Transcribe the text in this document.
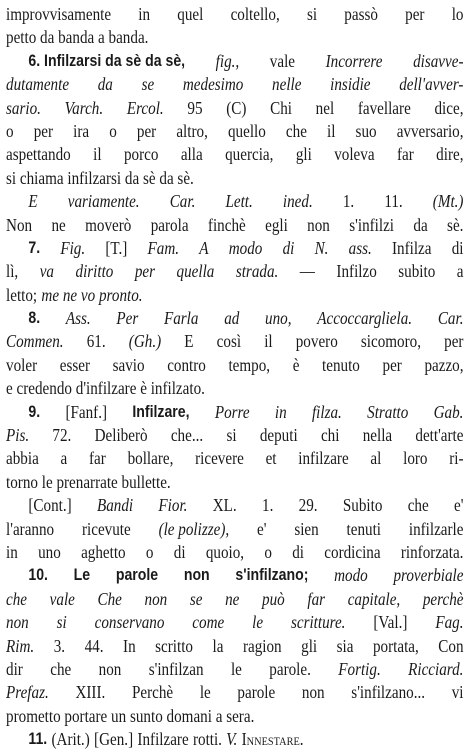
improvvisamente in quel coltello, si passò per lo
petto da banda a banda.
6. Infilzarsi da sè da sè, fig., vale Incorrere disavve-
dutamente da se medesimo nelle insidie dell'avver-
sario. Varch. Ercol. 95 (C) Chi nel favellare dice,
o per ira o per altro, quello che il suo avversario,
aspettando il porco alla quercia, gli voleva far dire,
si chiama infilzarsi da sè da sè.
E variamente. Car. Lett. ined. 1. 11. (Mt.)
Non ne moverò parola finchè egli non s'infilzi da sè.
7. Fig. [T.] Fam. A modo di N. ass. Infilza di
lì, va diritto per quella strada. — Infilzo subito a
letto; me ne vo pronto.
8. Ass. Per Farla ad uno, Accoccargliela. Car.
Commen. 61. (Gh.) E così il povero sicomoro, per
voler esser savio contro tempo, è tenuto per pazzo,
e credendo d'infilzare è infilzato.
9. [Fanf.] Infilzare, Porre in filza. Stratto Gab.
Pis. 72. Deliberò che... si deputi chi nella dett'arte
abbia a far bollare, ricevere et infilzare al loro ri-
torno le prenarrate bullette.
[Cont.] Bandi Fior. XL. 1. 29. Subito che e'
l'aranno ricevute (le polizze), e' sien tenuti infilzarle
in uno aghetto o di quoio, o di cordicina rinforzata.
10. Le parole non s'infilzano; modo proverbiale
che vale Che non se ne può far capitale, perchè
non si conservano come le scritture. [Val.] Fag.
Rim. 3. 44. In scritto la ragion gli sia portata, Con
dir che non s'infilzan le parole. Fortig. Ricciard.
Prefaz. XIII. Perchè le parole non s'infilzano... vi
prometto portare un sunto domani a sera.
11. (Arit.) [Gen.] Infilzare rotti. V. Innestare.
